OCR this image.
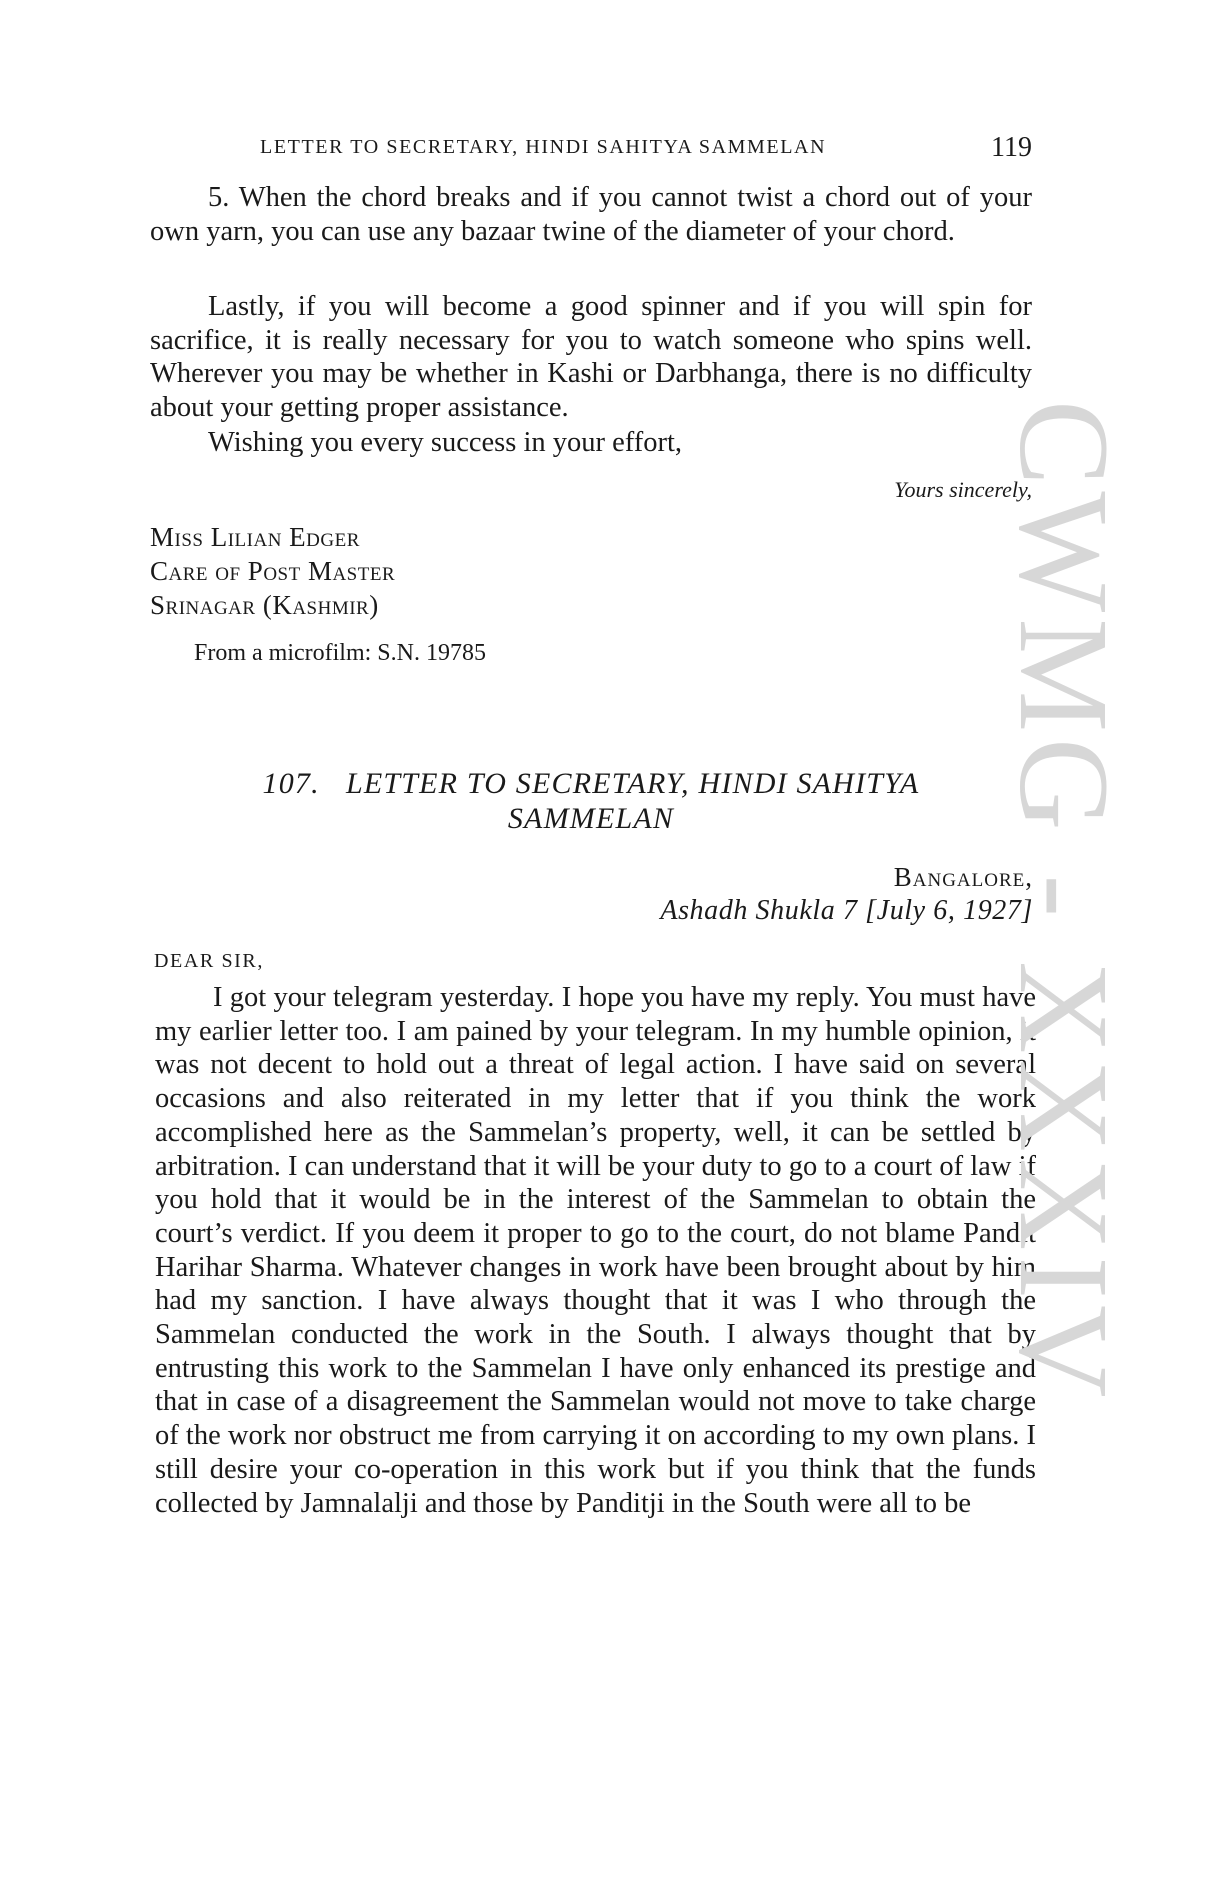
LETTER TO SECRETARY, HINDI SAHITYA SAMMELAN	119

5. When the chord breaks and if you cannot twist a chord out of your own yarn, you can use any bazaar twine of the diameter of your chord.

Lastly, if you will become a good spinner and if you will spin for sacrifice, it is really necessary for you to watch someone who spins well. Wherever you may be whether in Kashi or Darbhanga, there is no difficulty about your getting proper assistance.

Wishing you every success in your effort,

Yours sincerely,
Miss Lilian Edger
Care of Post Master
Srinagar (Kashmir)
From a microfilm: S.N. 19785
107. LETTER TO SECRETARY, HINDI SAHITYA
SAMMELAN
Bangalore,
Ashadh Shukla 7 [July 6, 1927]
DEAR SIR,

I got your telegram yesterday. I hope you have my reply. You must have my earlier letter too. I am pained by your telegram. In my humble opinion, it was not decent to hold out a threat of legal action. I have said on several occasions and also reiterated in my letter that if you think the work accomplished here as the Sammelan’s property, well, it can be settled by arbitration. I can understand that it will be your duty to go to a court of law if you hold that it would be in the interest of the Sammelan to obtain the court’s verdict. If you deem it proper to go to the court, do not blame Pandit Harihar Sharma. Whatever changes in work have been brought about by him had my sanction. I have always thought that it was I who through the Sammelan conducted the work in the South. I always thought that by entrusting this work to the Sammelan I have only enhanced its prestige and that in case of a disagreement the Sammelan would not move to take charge of the work nor obstruct me from carrying it on according to my own plans. I still desire your co-operation in this work but if you think that the funds collected by Jamnalalji and those by Panditji in the South were all to be

CWMG - XXXIV
